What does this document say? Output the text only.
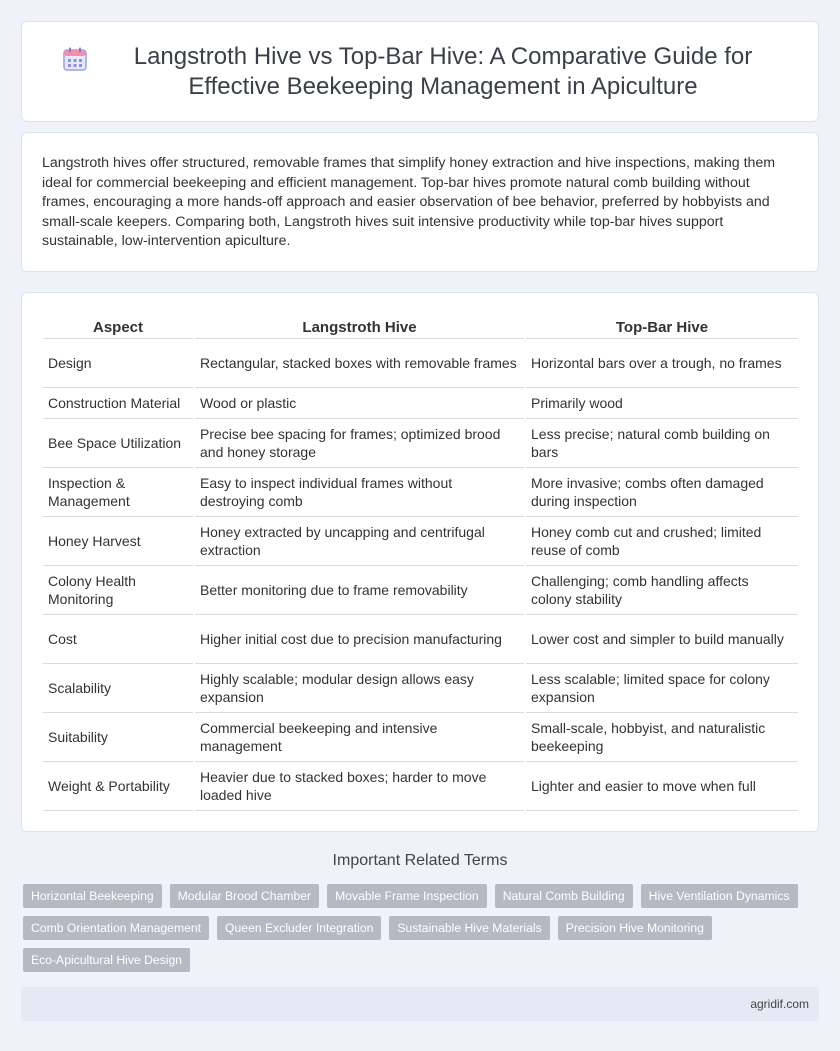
Langstroth Hive vs Top-Bar Hive: A Comparative Guide for Effective Beekeeping Management in Apiculture

Langstroth hives offer structured, removable frames that simplify honey extraction and hive inspections, making them ideal for commercial beekeeping and efficient management. Top-bar hives promote natural comb building without frames, encouraging a more hands-off approach and easier observation of bee behavior, preferred by hobbyists and small-scale keepers. Comparing both, Langstroth hives suit intensive productivity while top-bar hives support sustainable, low-intervention apiculture.

Aspect	Langstroth Hive	Top-Bar Hive
Design	Rectangular, stacked boxes with removable frames	Horizontal bars over a trough, no frames
Construction Material	Wood or plastic	Primarily wood
Bee Space Utilization	Precise bee spacing for frames; optimized brood and honey storage	Less precise; natural comb building on bars
Inspection & Management	Easy to inspect individual frames without destroying comb	More invasive; combs often damaged during inspection
Honey Harvest	Honey extracted by uncapping and centrifugal extraction	Honey comb cut and crushed; limited reuse of comb
Colony Health Monitoring	Better monitoring due to frame removability	Challenging; comb handling affects colony stability
Cost	Higher initial cost due to precision manufacturing	Lower cost and simpler to build manually
Scalability	Highly scalable; modular design allows easy expansion	Less scalable; limited space for colony expansion
Suitability	Commercial beekeeping and intensive management	Small-scale, hobbyist, and naturalistic beekeeping
Weight & Portability	Heavier due to stacked boxes; harder to move loaded hive	Lighter and easier to move when full
Important Related Terms
Horizontal Beekeeping	Modular Brood Chamber	Movable Frame Inspection	Natural Comb Building	Hive Ventilation Dynamics
Comb Orientation Management	Queen Excluder Integration	Sustainable Hive Materials	Precision Hive Monitoring
Eco-Apicultural Hive Design
agridif.com
